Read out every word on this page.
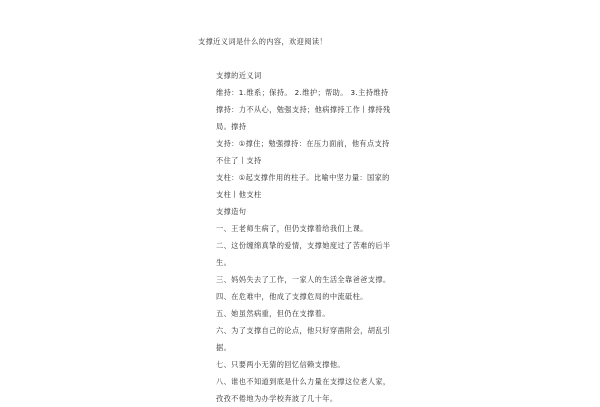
支撑近义词是什么的内容，欢迎阅读！
支撑的近义词
维持：1.维系；保持。 2.维护；帮助。 3.主持维持
撑持：力不从心，勉强支持；他病撑持工作丨撑持残
局。撑持
支持：①撑住；勉强撑持：在压力面前，他有点支持
不住了丨支持
支柱：①起支撑作用的柱子。比喻中坚力量：国家的
支柱丨他支柱
支撑造句
一、王老师生病了，但仍支撑着给我们上课。
二、这份缠绵真挚的爱情，支撑她度过了苦难的后半
生。
三、妈妈失去了工作，一家人的生活全靠爸爸支撑。
四、在危难中，他成了支撑危局的中流砥柱。
五、她虽然病重，但仍在支撑着。
六、为了支撑自己的论点，他只好穿凿附会，胡乱引
据。
七、只要两小无猜的回忆信赖支撑他。
八、谁也不知道到底是什么力量在支撑这位老人家，
孜孜不倦地为办学校奔波了几十年。
